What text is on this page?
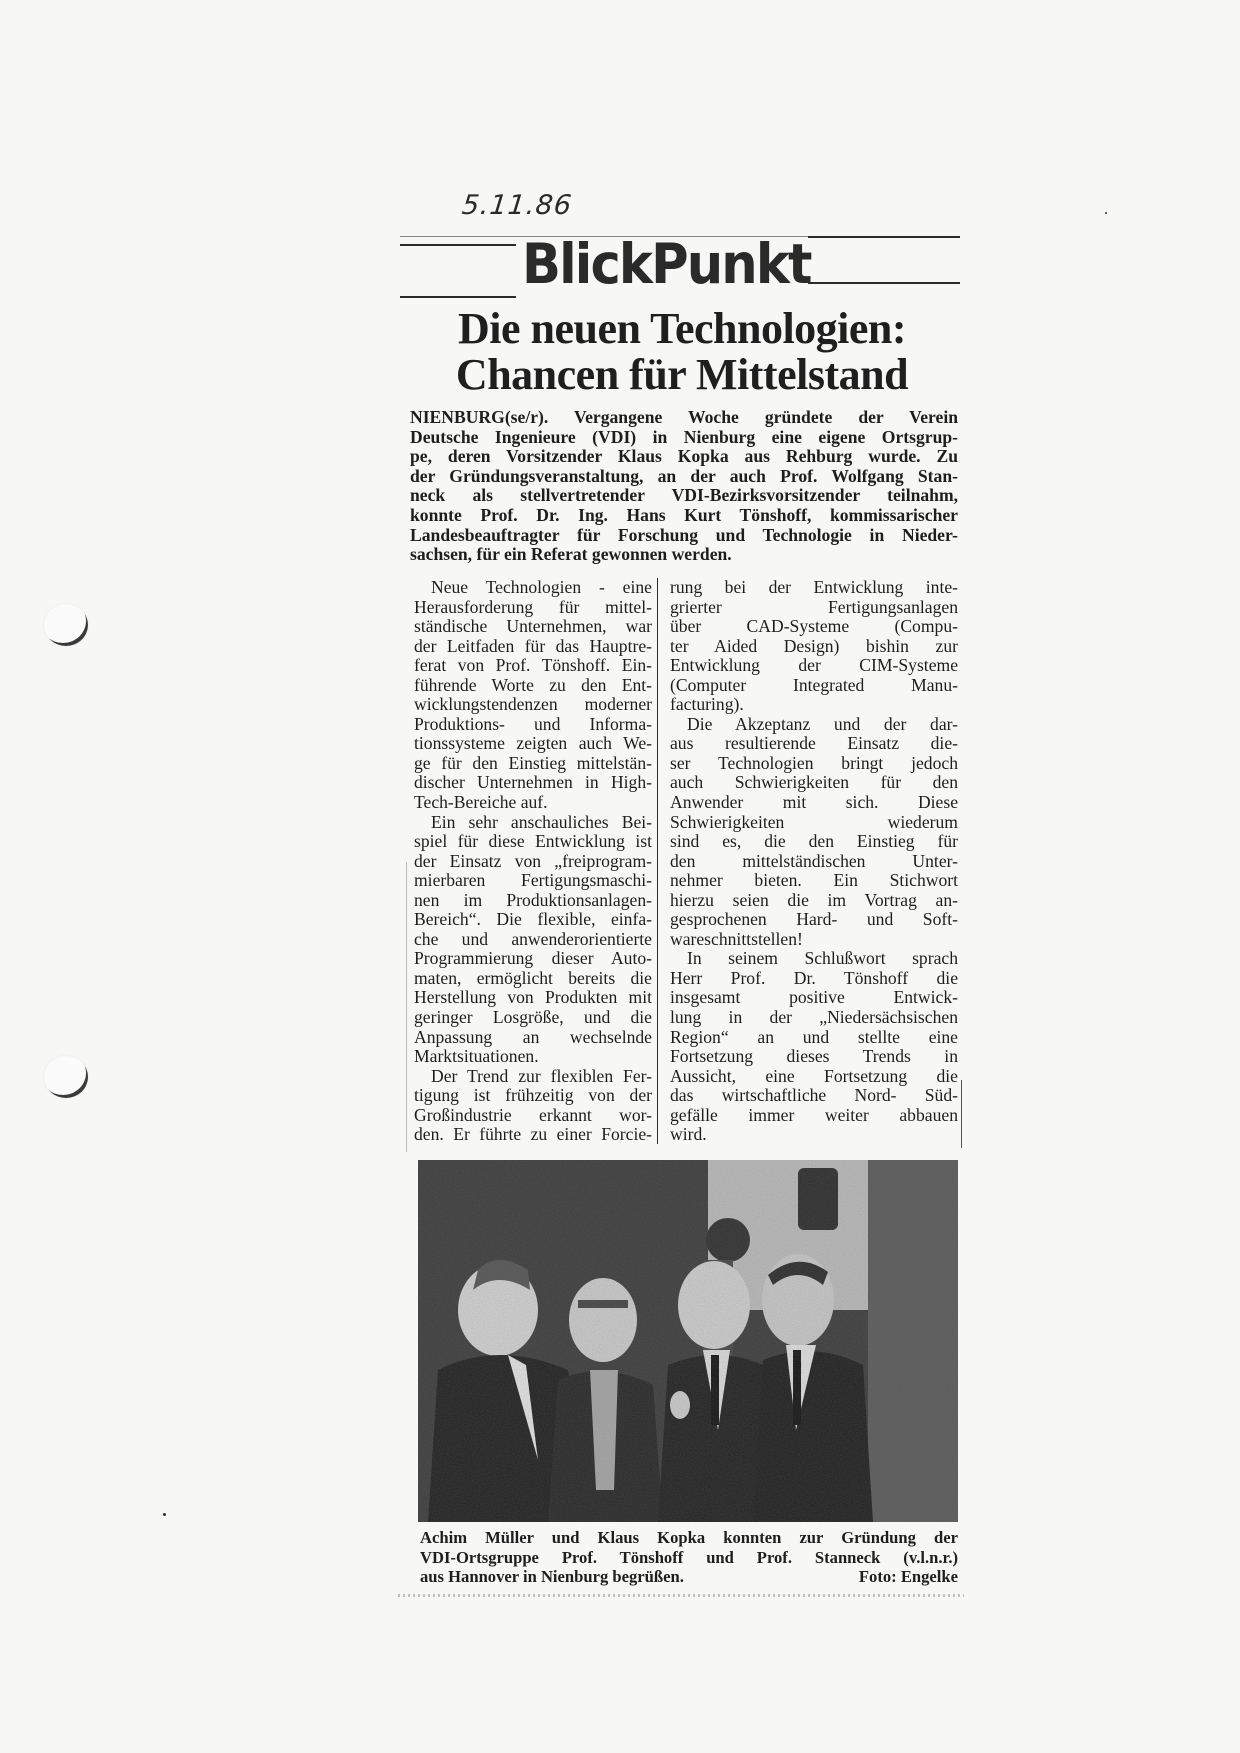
5.11.86
BlickPunkt
Die neuen Technologien:
Chancen für Mittelstand
NIENBURG(se/r). Vergangene Woche gründete der Verein
Deutsche Ingenieure (VDI) in Nienburg eine eigene Ortsgrup-
pe, deren Vorsitzender Klaus Kopka aus Rehburg wurde. Zu
der Gründungsveranstaltung, an der auch Prof. Wolfgang Stan-
neck als stellvertretender VDI-Bezirksvorsitzender teilnahm,
konnte Prof. Dr. Ing. Hans Kurt Tönshoff, kommissarischer
Landesbeauftragter für Forschung und Technologie in Nieder-
sachsen, für ein Referat gewonnen werden.
Neue Technologien - eine
Herausforderung für mittel-
ständische Unternehmen, war
der Leitfaden für das Hauptre-
ferat von Prof. Tönshoff. Ein-
führende Worte zu den Ent-
wicklungstendenzen moderner
Produktions- und Informa-
tionssysteme zeigten auch We-
ge für den Einstieg mittelstän-
discher Unternehmen in High-
Tech-Bereiche auf.
Ein sehr anschauliches Bei-
spiel für diese Entwicklung ist
der Einsatz von „freiprogram-
mierbaren Fertigungsmaschi-
nen im Produktionsanlagen-
Bereich“. Die flexible, einfa-
che und anwenderorientierte
Programmierung dieser Auto-
maten, ermöglicht bereits die
Herstellung von Produkten mit
geringer Losgröße, und die
Anpassung an wechselnde
Marktsituationen.
Der Trend zur flexiblen Fer-
tigung ist frühzeitig von der
Großindustrie erkannt wor-
den. Er führte zu einer Forcie-
rung bei der Entwicklung inte-
grierter Fertigungsanlagen
über CAD-Systeme (Compu-
ter Aided Design) bishin zur
Entwicklung der CIM-Systeme
(Computer Integrated Manu-
facturing).
Die Akzeptanz und der dar-
aus resultierende Einsatz die-
ser Technologien bringt jedoch
auch Schwierigkeiten für den
Anwender mit sich. Diese
Schwierigkeiten wiederum
sind es, die den Einstieg für
den mittelständischen Unter-
nehmer bieten. Ein Stichwort
hierzu seien die im Vortrag an-
gesprochenen Hard- und Soft-
wareschnittstellen!
In seinem Schlußwort sprach
Herr Prof. Dr. Tönshoff die
insgesamt positive Entwick-
lung in der „Niedersächsischen
Region“ an und stellte eine
Fortsetzung dieses Trends in
Aussicht, eine Fortsetzung die
das wirtschaftliche Nord- Süd-
gefälle immer weiter abbauen
wird.
Achim Müller und Klaus Kopka konnten zur Gründung der
VDI-Ortsgruppe Prof. Tönshoff und Prof. Stanneck (v.l.n.r.)
aus Hannover in Nienburg begrüßen.	Foto: Engelke
